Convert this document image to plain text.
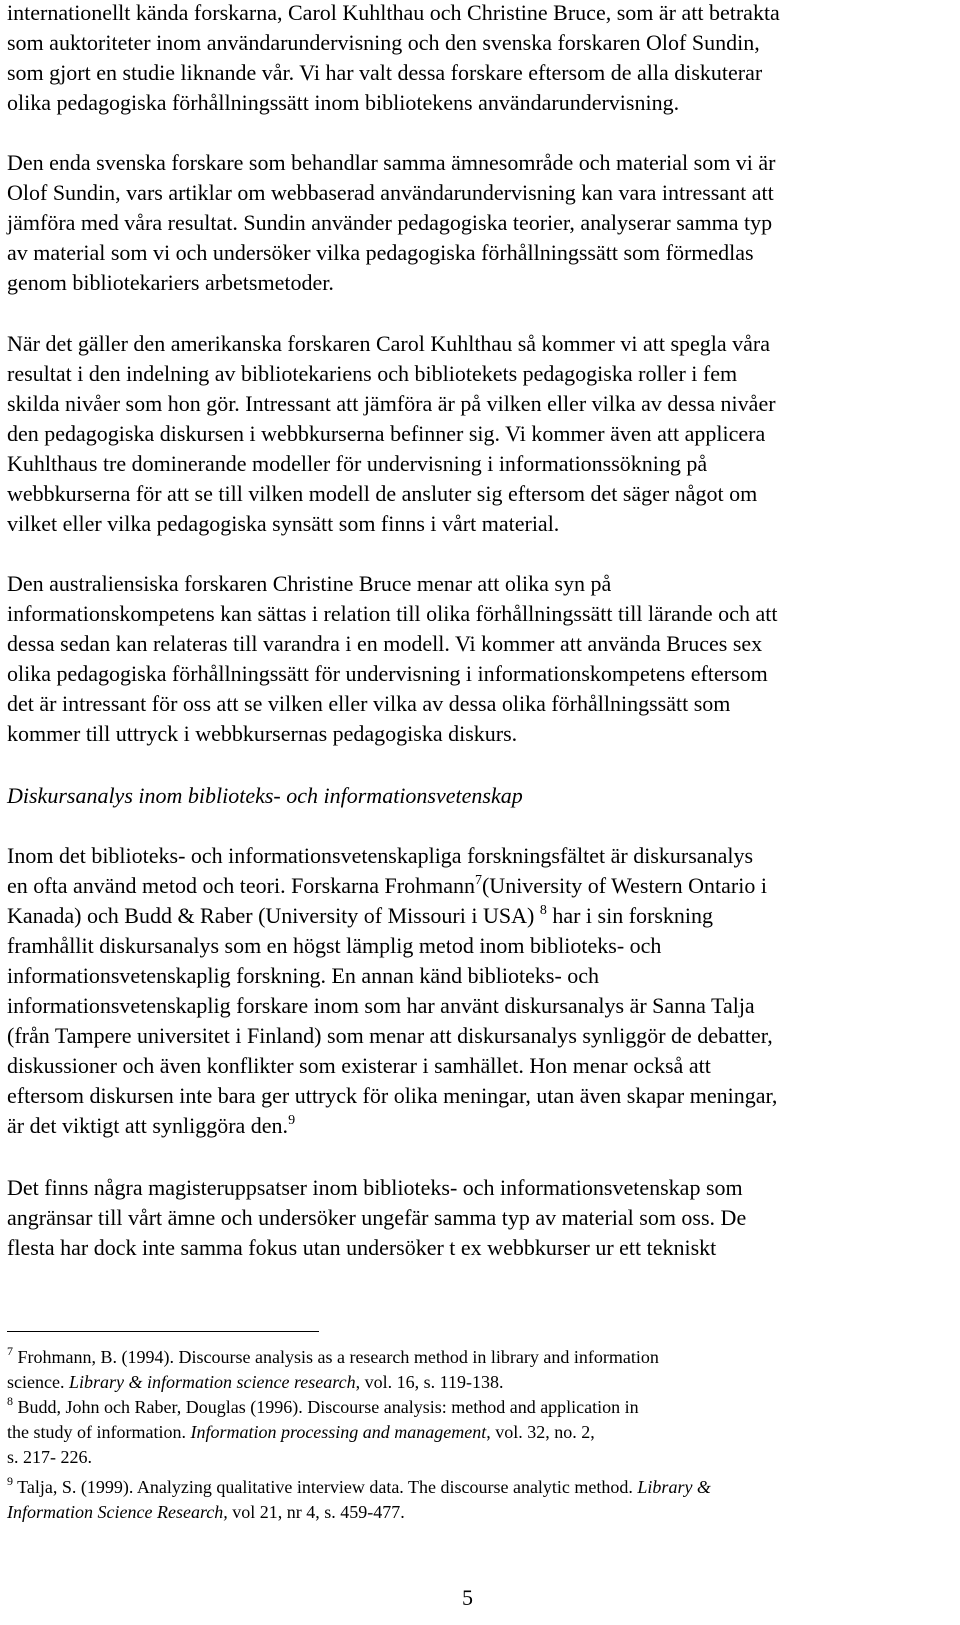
internationellt kända forskarna, Carol Kuhlthau och Christine Bruce, som är att betrakta
som auktoriteter inom användarundervisning och den svenska forskaren Olof Sundin,
som gjort en studie liknande vår. Vi har valt dessa forskare eftersom de alla diskuterar
olika pedagogiska förhållningssätt inom bibliotekens användarundervisning.
Den enda svenska forskare som behandlar samma ämnesområde och material som vi är
Olof Sundin, vars artiklar om webbaserad användarundervisning kan vara intressant att
jämföra med våra resultat. Sundin använder pedagogiska teorier, analyserar samma typ
av material som vi och undersöker vilka pedagogiska förhållningssätt som förmedlas
genom bibliotekariers arbetsmetoder.
När det gäller den amerikanska forskaren Carol Kuhlthau så kommer vi att spegla våra
resultat i den indelning av bibliotekariens och bibliotekets pedagogiska roller i fem
skilda nivåer som hon gör. Intressant att jämföra är på vilken eller vilka av dessa nivåer
den pedagogiska diskursen i webbkurserna befinner sig. Vi kommer även att applicera
Kuhlthaus tre dominerande modeller för undervisning i informationssökning på
webbkurserna för att se till vilken modell de ansluter sig eftersom det säger något om
vilket eller vilka pedagogiska synsätt som finns i vårt material.
Den australiensiska forskaren Christine Bruce menar att olika syn på
informationskompetens kan sättas i relation till olika förhållningssätt till lärande och att
dessa sedan kan relateras till varandra i en modell. Vi kommer att använda Bruces sex
olika pedagogiska förhållningssätt för undervisning i informationskompetens eftersom
det är intressant för oss att se vilken eller vilka av dessa olika förhållningssätt som
kommer till uttryck i webbkursernas pedagogiska diskurs.
Diskursanalys inom biblioteks- och informationsvetenskap
Inom det biblioteks- och informationsvetenskapliga forskningsfältet är diskursanalys
en ofta använd metod och teori. Forskarna Frohmann$^7$(University of Western Ontario i
Kanada) och Budd & Raber (University of Missouri i USA) $^8$ har i sin forskning
framhållit diskursanalys som en högst lämplig metod inom biblioteks- och
informationsvetenskaplig forskning. En annan känd biblioteks- och
informationsvetenskaplig forskare inom som har använt diskursanalys är Sanna Talja
(från Tampere universitet i Finland) som menar att diskursanalys synliggör de debatter,
diskussioner och även konflikter som existerar i samhället. Hon menar också att
eftersom diskursen inte bara ger uttryck för olika meningar, utan även skapar meningar,
är det viktigt att synliggöra den.$^9$
Det finns några magisteruppsatser inom biblioteks- och informationsvetenskap som
angränsar till vårt ämne och undersöker ungefär samma typ av material som oss. De
flesta har dock inte samma fokus utan undersöker t ex webbkurser ur ett tekniskt
$^7$ Frohmann, B. (1994). Discourse analysis as a research method in library and information
science. Library & information science research, vol. 16, s. 119-138.
$^8$ Budd, John och Raber, Douglas (1996). Discourse analysis: method and application in
the study of information. Information processing and management, vol. 32, no. 2,
s. 217- 226.
$^9$ Talja, S. (1999). Analyzing qualitative interview data. The discourse analytic method. Library &
Information Science Research, vol 21, nr 4, s. 459-477.
5
